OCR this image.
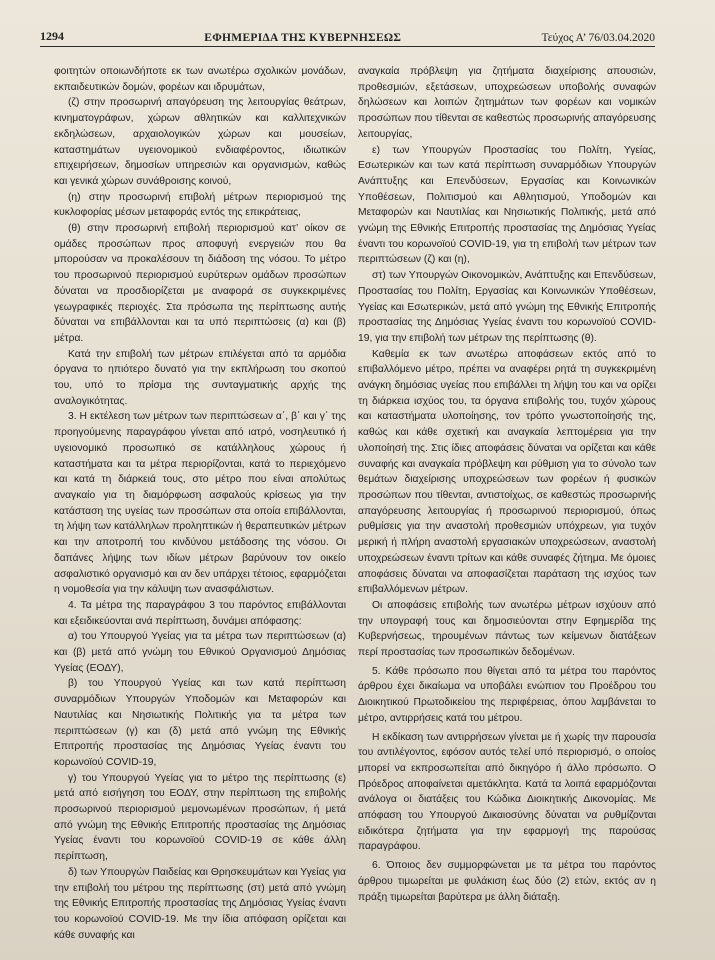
1294	ΕΦΗΜΕΡΙΔΑ ΤΗΣ ΚΥΒΕΡΝΗΣΕΩΣ	Τεύχος Α’ 76/03.04.2020

φοιτητών οποιωνδήποτε εκ των ανωτέρω σχολικών μονάδων, εκπαιδευτικών δομών, φορέων και ιδρυμάτων,

(ζ) στην προσωρινή απαγόρευση της λειτουργίας θεάτρων, κινηματογράφων, χώρων αθλητικών και καλλιτεχνικών εκδηλώσεων, αρχαιολογικών χώρων και μουσείων, καταστημάτων υγειονομικού ενδιαφέροντος, ιδιωτικών επιχειρήσεων, δημοσίων υπηρεσιών και οργανισμών, καθώς και γενικά χώρων συνάθροισης κοινού,

(η) στην προσωρινή επιβολή μέτρων περιορισμού της κυκλοφορίας μέσων μεταφοράς εντός της επικράτειας,

(θ) στην προσωρινή επιβολή περιορισμού κατ’ οίκον σε ομάδες προσώπων προς αποφυγή ενεργειών που θα μπορούσαν να προκαλέσουν τη διάδοση της νόσου. Το μέτρο του προσωρινού περιορισμού ευρύτερων ομάδων προσώπων δύναται να προσδιορίζεται με αναφορά σε συγκεκριμένες γεωγραφικές περιοχές. Στα πρόσωπα της περίπτωσης αυτής δύναται να επιβάλλονται και τα υπό περιπτώσεις (α) και (β) μέτρα.

Κατά την επιβολή των μέτρων επιλέγεται από τα αρμόδια όργανα το ηπιότερο δυνατό για την εκπλήρωση του σκοπού του, υπό το πρίσμα της συνταγματικής αρχής της αναλογικότητας.

3. Η εκτέλεση των μέτρων των περιπτώσεων α΄, β΄ και γ΄ της προηγούμενης παραγράφου γίνεται από ιατρό, νοσηλευτικό ή υγειονομικό προσωπικό σε κατάλληλους χώρους ή καταστήματα και τα μέτρα περιορίζονται, κατά το περιεχόμενο και κατά τη διάρκειά τους, στο μέτρο που είναι απολύτως αναγκαίο για τη διαμόρφωση ασφαλούς κρίσεως για την κατάσταση της υγείας των προσώπων στα οποία επιβάλλονται, τη λήψη των κατάλληλων προληπτικών ή θεραπευτικών μέτρων και την αποτροπή του κινδύνου μετάδοσης της νόσου. Οι δαπάνες λήψης των ιδίων μέτρων βαρύνουν τον οικείο ασφαλιστικό οργανισμό και αν δεν υπάρχει τέτοιος, εφαρμόζεται η νομοθεσία για την κάλυψη των ανασφάλιστων.

4. Τα μέτρα της παραγράφου 3 του παρόντος επιβάλλονται και εξειδικεύονται ανά περίπτωση, δυνάμει απόφασης:

α) του Υπουργού Υγείας για τα μέτρα των περιπτώσεων (α) και (β) μετά από γνώμη του Εθνικού Οργανισμού Δημόσιας Υγείας (ΕΟΔΥ),

β) του Υπουργού Υγείας και των κατά περίπτωση συναρμόδιων Υπουργών Υποδομών και Μεταφορών και Ναυτιλίας και Νησιωτικής Πολιτικής για τα μέτρα των περιπτώσεων (γ) και (δ) μετά από γνώμη της Εθνικής Επιτροπής προστασίας της Δημόσιας Υγείας έναντι του κορωνοϊού COVID-19,

γ) του Υπουργού Υγείας για το μέτρο της περίπτωσης (ε) μετά από εισήγηση του ΕΟΔΥ, στην περίπτωση της επιβολής προσωρινού περιορισμού μεμονωμένων προσώπων, ή μετά από γνώμη της Εθνικής Επιτροπής προστασίας της Δημόσιας Υγείας έναντι του κορωνοϊού COVID-19 σε κάθε άλλη περίπτωση,

δ) των Υπουργών Παιδείας και Θρησκευμάτων και Υγείας για την επιβολή του μέτρου της περίπτωσης (στ) μετά από γνώμη της Εθνικής Επιτροπής προστασίας της Δημόσιας Υγείας έναντι του κορωνοϊού COVID-19. Με την ίδια απόφαση ορίζεται και κάθε συναφής και

αναγκαία πρόβλεψη για ζητήματα διαχείρισης απουσιών, προθεσμιών, εξετάσεων, υποχρεώσεων υποβολής συναφών δηλώσεων και λοιπών ζητημάτων των φορέων και νομικών προσώπων που τίθενται σε καθεστώς προσωρινής απαγόρευσης λειτουργίας,

ε) των Υπουργών Προστασίας του Πολίτη, Υγείας, Εσωτερικών και των κατά περίπτωση συναρμόδιων Υπουργών Ανάπτυξης και Επενδύσεων, Εργασίας και Κοινωνικών Υποθέσεων, Πολιτισμού και Αθλητισμού, Υποδομών και Μεταφορών και Ναυτιλίας και Νησιωτικής Πολιτικής, μετά από γνώμη της Εθνικής Επιτροπής προστασίας της Δημόσιας Υγείας έναντι του κορωνοϊού COVID-19, για τη επιβολή των μέτρων των περιπτώσεων (ζ) και (η),

στ) των Υπουργών Οικονομικών, Ανάπτυξης και Επενδύσεων, Προστασίας του Πολίτη, Εργασίας και Κοινωνικών Υποθέσεων, Υγείας και Εσωτερικών, μετά από γνώμη της Εθνικής Επιτροπής προστασίας της Δημόσιας Υγείας έναντι του κορωνοϊού COVID-19, για την επιβολή των μέτρων της περίπτωσης (θ).

Καθεμία εκ των ανωτέρω αποφάσεων εκτός από το επιβαλλόμενο μέτρο, πρέπει να αναφέρει ρητά τη συγκεκριμένη ανάγκη δημόσιας υγείας που επιβάλλει τη λήψη του και να ορίζει τη διάρκεια ισχύος του, τα όργανα επιβολής του, τυχόν χώρους και καταστήματα υλοποίησης, τον τρόπο γνωστοποίησής της, καθώς και κάθε σχετική και αναγκαία λεπτομέρεια για την υλοποίησή της. Στις ίδιες αποφάσεις δύναται να ορίζεται και κάθε συναφής και αναγκαία πρόβλεψη και ρύθμιση για το σύνολο των θεμάτων διαχείρισης υποχρεώσεων των φορέων ή φυσικών προσώπων που τίθενται, αντιστοίχως, σε καθεστώς προσωρινής απαγόρευσης λειτουργίας ή προσωρινού περιορισμού, όπως ρυθμίσεις για την αναστολή προθεσμιών υπόχρεων, για τυχόν μερική ή πλήρη αναστολή εργασιακών υποχρεώσεων, αναστολή υποχρεώσεων έναντι τρίτων και κάθε συναφές ζήτημα. Με όμοιες αποφάσεις δύναται να αποφασίζεται παράταση της ισχύος των επιβαλλόμενων μέτρων.

Οι αποφάσεις επιβολής των ανωτέρω μέτρων ισχύουν από την υπογραφή τους και δημοσιεύονται στην Εφημερίδα της Κυβερνήσεως, τηρουμένων πάντως των κείμενων διατάξεων περί προστασίας των προσωπικών δεδομένων.

5. Κάθε πρόσωπο που θίγεται από τα μέτρα του παρόντος άρθρου έχει δικαίωμα να υποβάλει ενώπιον του Προέδρου του Διοικητικού Πρωτοδικείου της περιφέρειας, όπου λαμβάνεται το μέτρο, αντιρρήσεις κατά του μέτρου.

Η εκδίκαση των αντιρρήσεων γίνεται με ή χωρίς την παρουσία του αντιλέγοντος, εφόσον αυτός τελεί υπό περιορισμό, ο οποίος μπορεί να εκπροσωπείται από δικηγόρο ή άλλο πρόσωπο. Ο Πρόεδρος αποφαίνεται αμετάκλητα. Κατά τα λοιπά εφαρμόζονται ανάλογα οι διατάξεις του Κώδικα Διοικητικής Δικονομίας. Με απόφαση του Υπουργού Δικαιοσύνης δύναται να ρυθμίζονται ειδικότερα ζητήματα για την εφαρμογή της παρούσας παραγράφου.

6. Όποιος δεν συμμορφώνεται με τα μέτρα του παρόντος άρθρου τιμωρείται με φυλάκιση έως δύο (2) ετών, εκτός αν η πράξη τιμωρείται βαρύτερα με άλλη διάταξη.
